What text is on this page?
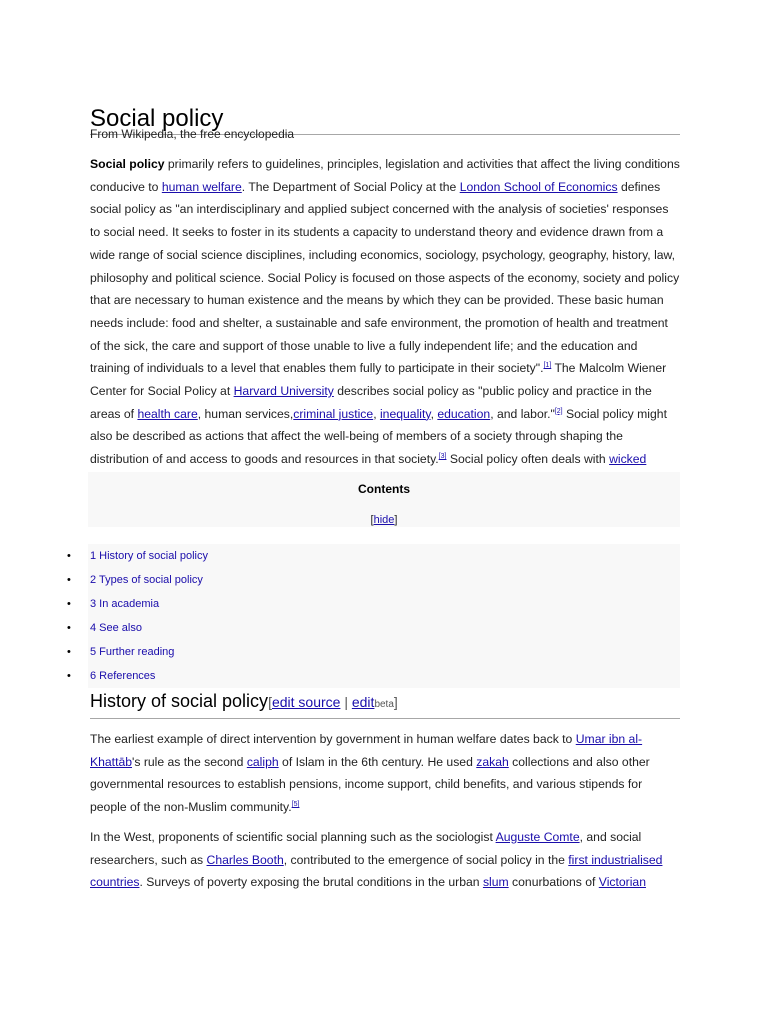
Social policy
From Wikipedia, the free encyclopedia

Social policy primarily refers to guidelines, principles, legislation and activities that affect the living conditions conducive to human welfare. The Department of Social Policy at the London School of Economics defines social policy as "an interdisciplinary and applied subject concerned with the analysis of societies' responses to social need. It seeks to foster in its students a capacity to understand theory and evidence drawn from a wide range of social science disciplines, including economics, sociology, psychology, geography, history, law, philosophy and political science. Social Policy is focused on those aspects of the economy, society and policy that are necessary to human existence and the means by which they can be provided. These basic human needs include: food and shelter, a sustainable and safe environment, the promotion of health and treatment of the sick, the care and support of those unable to live a fully independent life; and the education and training of individuals to a level that enables them fully to participate in their society".[1] The Malcolm Wiener Center for Social Policy at Harvard University describes social policy as "public policy and practice in the areas of health care, human services,criminal justice, inequality, education, and labor."[2] Social policy might also be described as actions that affect the well-being of members of a society through shaping the distribution of and access to goods and resources in that society.[3] Social policy often deals with wicked

Contents
[hide]
• 1 History of social policy
• 2 Types of social policy
• 3 In academia
• 4 See also
• 5 Further reading
• 6 References
History of social policy[edit source | editbeta]

The earliest example of direct intervention by government in human welfare dates back to Umar ibn al-Khattāb's rule as the second caliph of Islam in the 6th century. He used zakah collections and also other governmental resources to establish pensions, income support, child benefits, and various stipends for people of the non-Muslim community.[5]

In the West, proponents of scientific social planning such as the sociologist Auguste Comte, and social researchers, such as Charles Booth, contributed to the emergence of social policy in the first industrialised countries. Surveys of poverty exposing the brutal conditions in the urban slum conurbations of Victorian
